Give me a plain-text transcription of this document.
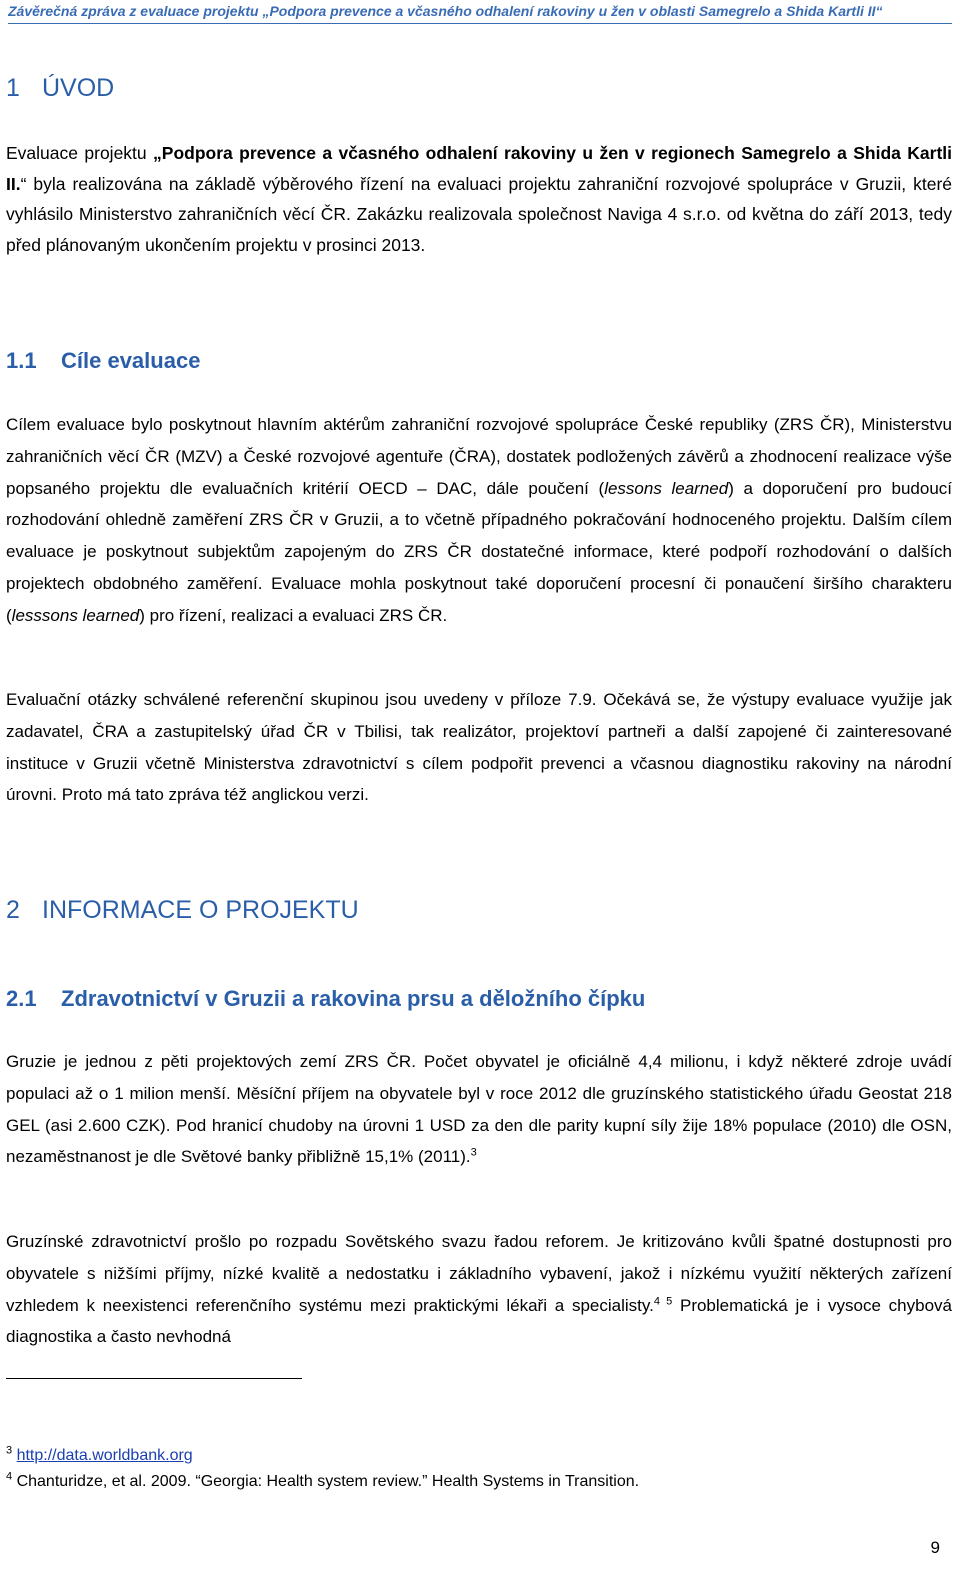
Závěrečná zpráva z evaluace projektu „Podpora prevence a včasného odhalení rakoviny u žen v oblasti Samegrelo a Shida Kartli II“
1 ÚVOD

Evaluace projektu „Podpora prevence a včasného odhalení rakoviny u žen v regionech Samegrelo a Shida Kartli II.“ byla realizována na základě výběrového řízení na evaluaci projektu zahraniční rozvojové spolupráce v Gruzii, které vyhlásilo Ministerstvo zahraničních věcí ČR. Zakázku realizovala společnost Naviga 4 s.r.o. od května do září 2013, tedy před plánovaným ukončením projektu v prosinci 2013.

1.1 Cíle evaluace

Cílem evaluace bylo poskytnout hlavním aktérům zahraniční rozvojové spolupráce České republiky (ZRS ČR), Ministerstvu zahraničních věcí ČR (MZV) a České rozvojové agentuře (ČRA), dostatek podložených závěrů a zhodnocení realizace výše popsaného projektu dle evaluačních kritérií OECD – DAC, dále poučení (lessons learned) a doporučení pro budoucí rozhodování ohledně zaměření ZRS ČR v Gruzii, a to včetně případného pokračování hodnoceného projektu. Dalším cílem evaluace je poskytnout subjektům zapojeným do ZRS ČR dostatečné informace, které podpoří rozhodování o dalších projektech obdobného zaměření. Evaluace mohla poskytnout také doporučení procesní či ponaučení širšího charakteru (lesssons learned) pro řízení, realizaci a evaluaci ZRS ČR.

Evaluační otázky schválené referenční skupinou jsou uvedeny v příloze 7.9. Očekává se, že výstupy evaluace využije jak zadavatel, ČRA a zastupitelský úřad ČR v Tbilisi, tak realizátor, projektoví partneři a další zapojené či zainteresované instituce v Gruzii včetně Ministerstva zdravotnictví s cílem podpořit prevenci a včasnou diagnostiku rakoviny na národní úrovni. Proto má tato zpráva též anglickou verzi.

2 INFORMACE O PROJEKTU
2.1 Zdravotnictví v Gruzii a rakovina prsu a děložního čípku

Gruzie je jednou z pěti projektových zemí ZRS ČR. Počet obyvatel je oficiálně 4,4 milionu, i když některé zdroje uvádí populaci až o 1 milion menší. Měsíční příjem na obyvatele byl v roce 2012 dle gruzínského statistického úřadu Geostat 218 GEL (asi 2.600 CZK). Pod hranicí chudoby na úrovni 1 USD za den dle parity kupní síly žije 18% populace (2010) dle OSN, nezaměstnanost je dle Světové banky přibližně 15,1% (2011).$^3$

Gruzínské zdravotnictví prošlo po rozpadu Sovětského svazu řadou reforem. Je kritizováno kvůli špatné dostupnosti pro obyvatele s nižšími příjmy, nízké kvalitě a nedostatku i základního vybavení, jakož i nízkému využití některých zařízení vzhledem k neexistenci referenčního systému mezi praktickými lékaři a specialisty.$^{4 5}$ Problematická je i vysoce chybová diagnostika a často nevhodná

$^3$ http://data.worldbank.org
$^4$ Chanturidze, et al. 2009. “Georgia: Health system review.” Health Systems in Transition.
9
